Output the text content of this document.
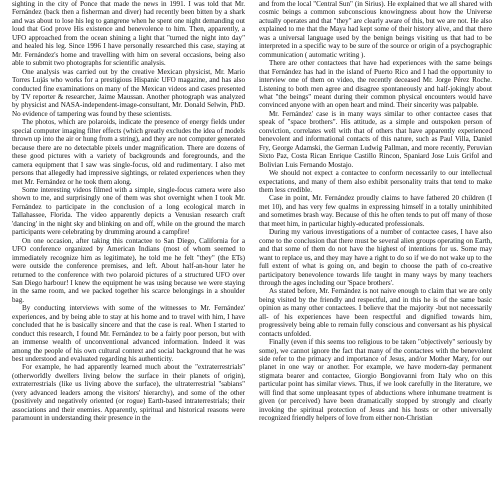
sighting in the city of Ponce that made the news in 1991. I was told that Mr. Fernández (back then a fisherman and diver) had recently been bitten by a shark and was about to lose his leg to gangrene when he spent one night demanding out loud that God prove His existence and benevolence to him. Then, apparently, a UFO approached from the ocean shining a light that "turned the night into day" and healed his leg. Since 1996 I have personally researched this case, staying at Mr. Fernández's home and travelling with him on several occasions, being also able to submit two photographs for scientific analysis.

One analysis was carried out by the creative Mexican physicist, Mr. Mario Torres Lujás who works for a prestigious Hispanic UFO magazine, and has also conducted fine examinations on many of the Mexican videos and cases presented by TV reporter & researcher, Jaime Maussan. Another photograph was analyzed by physicist and NASA-independent-image-consultant, Mr. Donald Selwin, PhD. No evidence of tampering was found by these scientists.

The photos, which are polaroids, indicate the presence of energy fields under special computer imaging filter effects (which greatly excludes the idea of models thrown up into the air or hung from a string), and they are not computer generated because there are no detectable pixels under magnification. There are dozens of these good pictures with a variety of backgrounds and foregrounds, and the camera equipment that I saw was single-focus, old and rudimentary. I also met persons that allegedly had impressive sightings, or related experiences when they met Mr. Fernández or he took them along.

Some interesting videos filmed with a simple, single-focus camera were also shown to me, and surprisingly one of them was shot overnight when I took Mr. Fernández to participate in the conclusion of a long ecological march in Tallahassee, Florida. The video apparently depicts a Venusian research craft 'dancing' in the night sky and blinking on and off, while on the ground the march participants were celebrating by drumming around a campfire!

On one occasion, after taking this contactee to San Diego, California for a UFO conference organized by American Indians (most of whom seemed to immediately recognize him as legitimate), he told me he felt "they" (the ETs) were outside the conference premises, and left. About half-an-hour later he returned to the conference with two polaroid pictures of a structured UFO over San Diego harbour! I knew the equipment he was using because we were staying in the same room, and we packed together his scarce belongings in a shoulder bag.

By conducting interviews with some of the witnesses to Mr. Fernández' experiences, and by being able to stay at his home and to travel with him, I have concluded that he is basically sincere and that the case is real. When I started to conduct this research, I found Mr. Fernández to be a fairly poor person, but with an immense wealth of unconventional advanced information. Indeed it was among the people of his own cultural context and social background that he was best understood and evaluated regarding his authenticity.

For example, he had apparently learned much about the "extraterrestrials" (otherworldly dwellers living below the surface in their planets of origin), extraterrestrials (like us living above the surface), the ultraterrestrial "sabians" (very advanced leaders among the visitors' hierarchy), and some of the other (positively and negatively oriented (or rogue) Earth-based intraterrestrials; their associations and their enemies. Apparently, spiritual and historical reasons were paramount in understanding their presence in the

and from the local "Central Sun" (in Sirius). He explained that we all shared with cosmic beings a common subconscious knowingness about how the Universe actually operates and that "they" are clearly aware of this, but we are not. He also explained to me that the Maya had kept some of their history alive, and that there was a universal language used by the benign beings visiting us that had to be interpreted in a specific way to be sure of the source or origin of a psychographic communication ( automatic writing ).

There are other contactees that have had experiences with the same beings that Fernández has had in the island of Puerto Rico and I had the opportunity to interview one of them on video, the recently deceased Mr. Jorge Pérez Roche. Listening to both men agree and disagree spontaneously and half-jokingly about what "the beings" meant during their common physical encounters would have convinced anyone with an open heart and mind. Their sincerity was palpable.

Mr. Fernández' case is in many ways similar to other contactee cases that speak of "space brothers". His attitude, as a simple and outspoken person of conviction, correlates well with that of others that have apparently experienced benevolent and informational contacts of this nature, such as Paul Villa, Daniel Fry, George Adamski, the German Ludwig Pallman, and more recently, Peruvian Sixto Paz, Costa Rican Enrique Castillo Rincon, Spaniard Jose Luis Grifol and Bolivian Luis Fernando Mostajo.

We should not expect a contactee to conform necessarily to our intellectual expectations, and many of them also exhibit personality traits that tend to make them less credible.

Case in point, Mr. Fernández proudly claims to have fathered 20 children (I met 10), and has very few qualms in expressing himself in a totally uninhibited and sometimes brash way. Because of this he often tends to put off many of those that meet him, in particular highly-educated professionals.

During my various investigations of a number of contactee cases, I have also come to the conclusion that there must be several alien groups operating on Earth, and that some of them do not have the highest of intentions for us. Some may want to replace us, and they may have a right to do so if we do not wake up to the full extent of what is going on, and begin to choose the path of co-creative participatory benevolence towards life taught in many ways by many teachers through the ages including our 'Space brothers'.

As stated before, Mr. Fernández is not naive enough to claim that we are only being visited by the friendly and respectful, and in this he is of the same basic opinion as many other contactees. I believe that the majority -but not necessarily all- of his experiences have been respectful and dignified towards him, progressively being able to remain fully conscious and conversant as his physical contacts unfolded.

Finally (even if this seems too religious to be taken "objectively" seriously by some), we cannot ignore the fact that many of the contactees with the benevolent side refer to the primacy and importance of Jesus, and/or Mother Mary, for our planet in one way or another. For example, we have modern-day permanent stigmata bearer and contactee, Giorgio Bongiovanni from Italy who on this particular point has similar views. Thus, if we look carefully in the literature, we will find that some unpleasant types of abductions where inhumane treatment is given (or perceived) have been dramatically stopped by strongly and clearly invoking the spiritual protection of Jesus and his hosts or other universally recognized friendly helpers of love from either non-Christian
